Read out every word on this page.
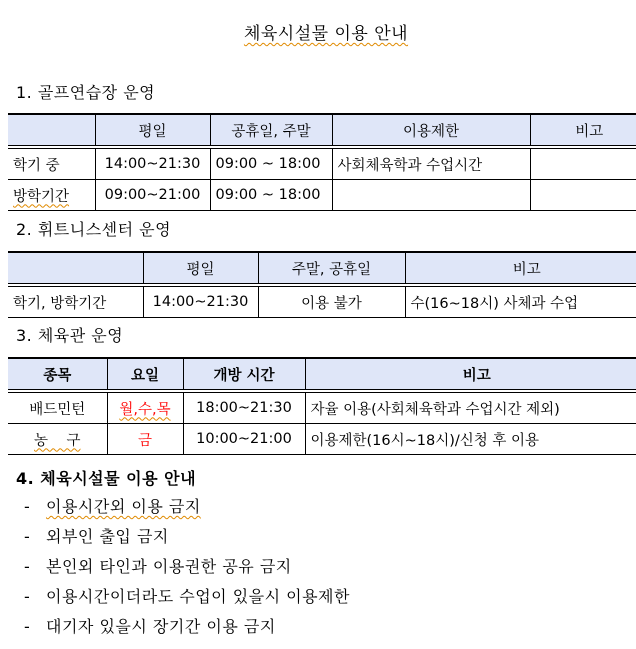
체육시설물 이용 안내
1. 골프연습장 운영
	평일	공휴일, 주말	이용제한	비고
학기 중	14:00~21:30	09:00 ~ 18:00	사회체육학과 수업시간	
방학기간	09:00~21:00	09:00 ~ 18:00		
2. 휘트니스센터 운영
	평일	주말, 공휴일	비고
학기, 방학기간	14:00~21:30	이용 불가	수(16~18시) 사체과 수업
3. 체육관 운영
종목	요일	개방 시간	비고
배드민턴	월,수,목	18:00~21:30	자율 이용(사회체육학과 수업시간 제외)
농    구	금	10:00~21:00	이용제한(16시~18시)/신청 후 이용
4. 체육시설물 이용 안내
- 이용시간외 이용 금지
- 외부인 출입 금지
- 본인외 타인과 이용권한 공유 금지
- 이용시간이더라도 수업이 있을시 이용제한
- 대기자 있을시 장기간 이용 금지
